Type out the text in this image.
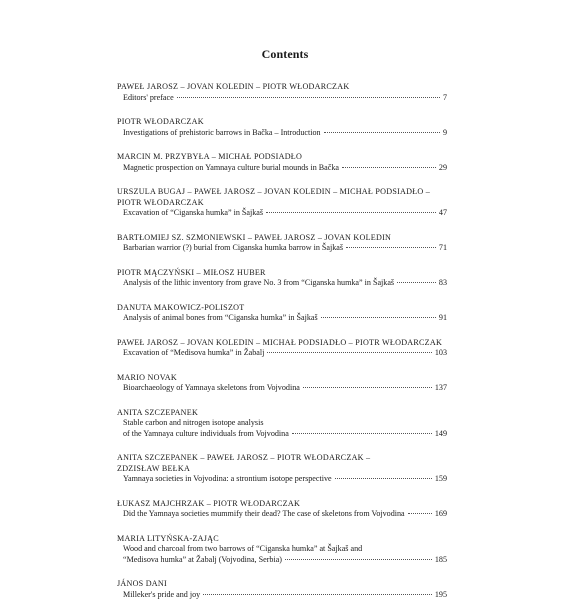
Contents
PAWEŁ JAROSZ – JOVAN KOLEDIN – PIOTR WŁODARCZAK
Editors' preface	7
PIOTR WŁODARCZAK
Investigations of prehistoric barrows in Bačka – Introduction	9
MARCIN M. PRZYBYŁA – MICHAŁ PODSIADŁO
Magnetic prospection on Yamnaya culture burial mounds in Bačka	29
URSZULA BUGAJ – PAWEŁ JAROSZ – JOVAN KOLEDIN – MICHAŁ PODSIADŁO –
PIOTR WŁODARCZAK
Excavation of “Ciganska humka” in Šajkaš	47
BARTŁOMIEJ SZ. SZMONIEWSKI – PAWEŁ JAROSZ – JOVAN KOLEDIN
Barbarian warrior (?) burial from Ciganska humka barrow in Šajkaš	71
PIOTR MĄCZYŃSKI – MIŁOSZ HUBER
Analysis of the lithic inventory from grave No. 3 from “Ciganska humka” in Šajkaš	83
DANUTA MAKOWICZ-POLISZOT
Analysis of animal bones from “Ciganska humka” in Šajkaš	91
PAWEŁ JAROSZ – JOVAN KOLEDIN – MICHAŁ PODSIADŁO – PIOTR WŁODARCZAK
Excavation of “Medisova humka” in Žabalj	103
MARIO NOVAK
Bioarchaeology of Yamnaya skeletons from Vojvodina	137
ANITA SZCZEPANEK
Stable carbon and nitrogen isotope analysis
of the Yamnaya culture individuals from Vojvodina	149
ANITA SZCZEPANEK – PAWEŁ JAROSZ – PIOTR WŁODARCZAK –
ZDZISŁAW BEŁKA
Yamnaya societies in Vojvodina: a strontium isotope perspective	159
ŁUKASZ MAJCHRZAK – PIOTR WŁODARCZAK
Did the Yamnaya societies mummify their dead? The case of skeletons from Vojvodina	169
MARIA LITYŃSKA-ZAJĄC
Wood and charcoal from two barrows of “Ciganska humka” at Šajkaš and
“Medisova humka” at Žabalj (Vojvodina, Serbia)	185
JÁNOS DANI
Milleker's pride and joy	195
